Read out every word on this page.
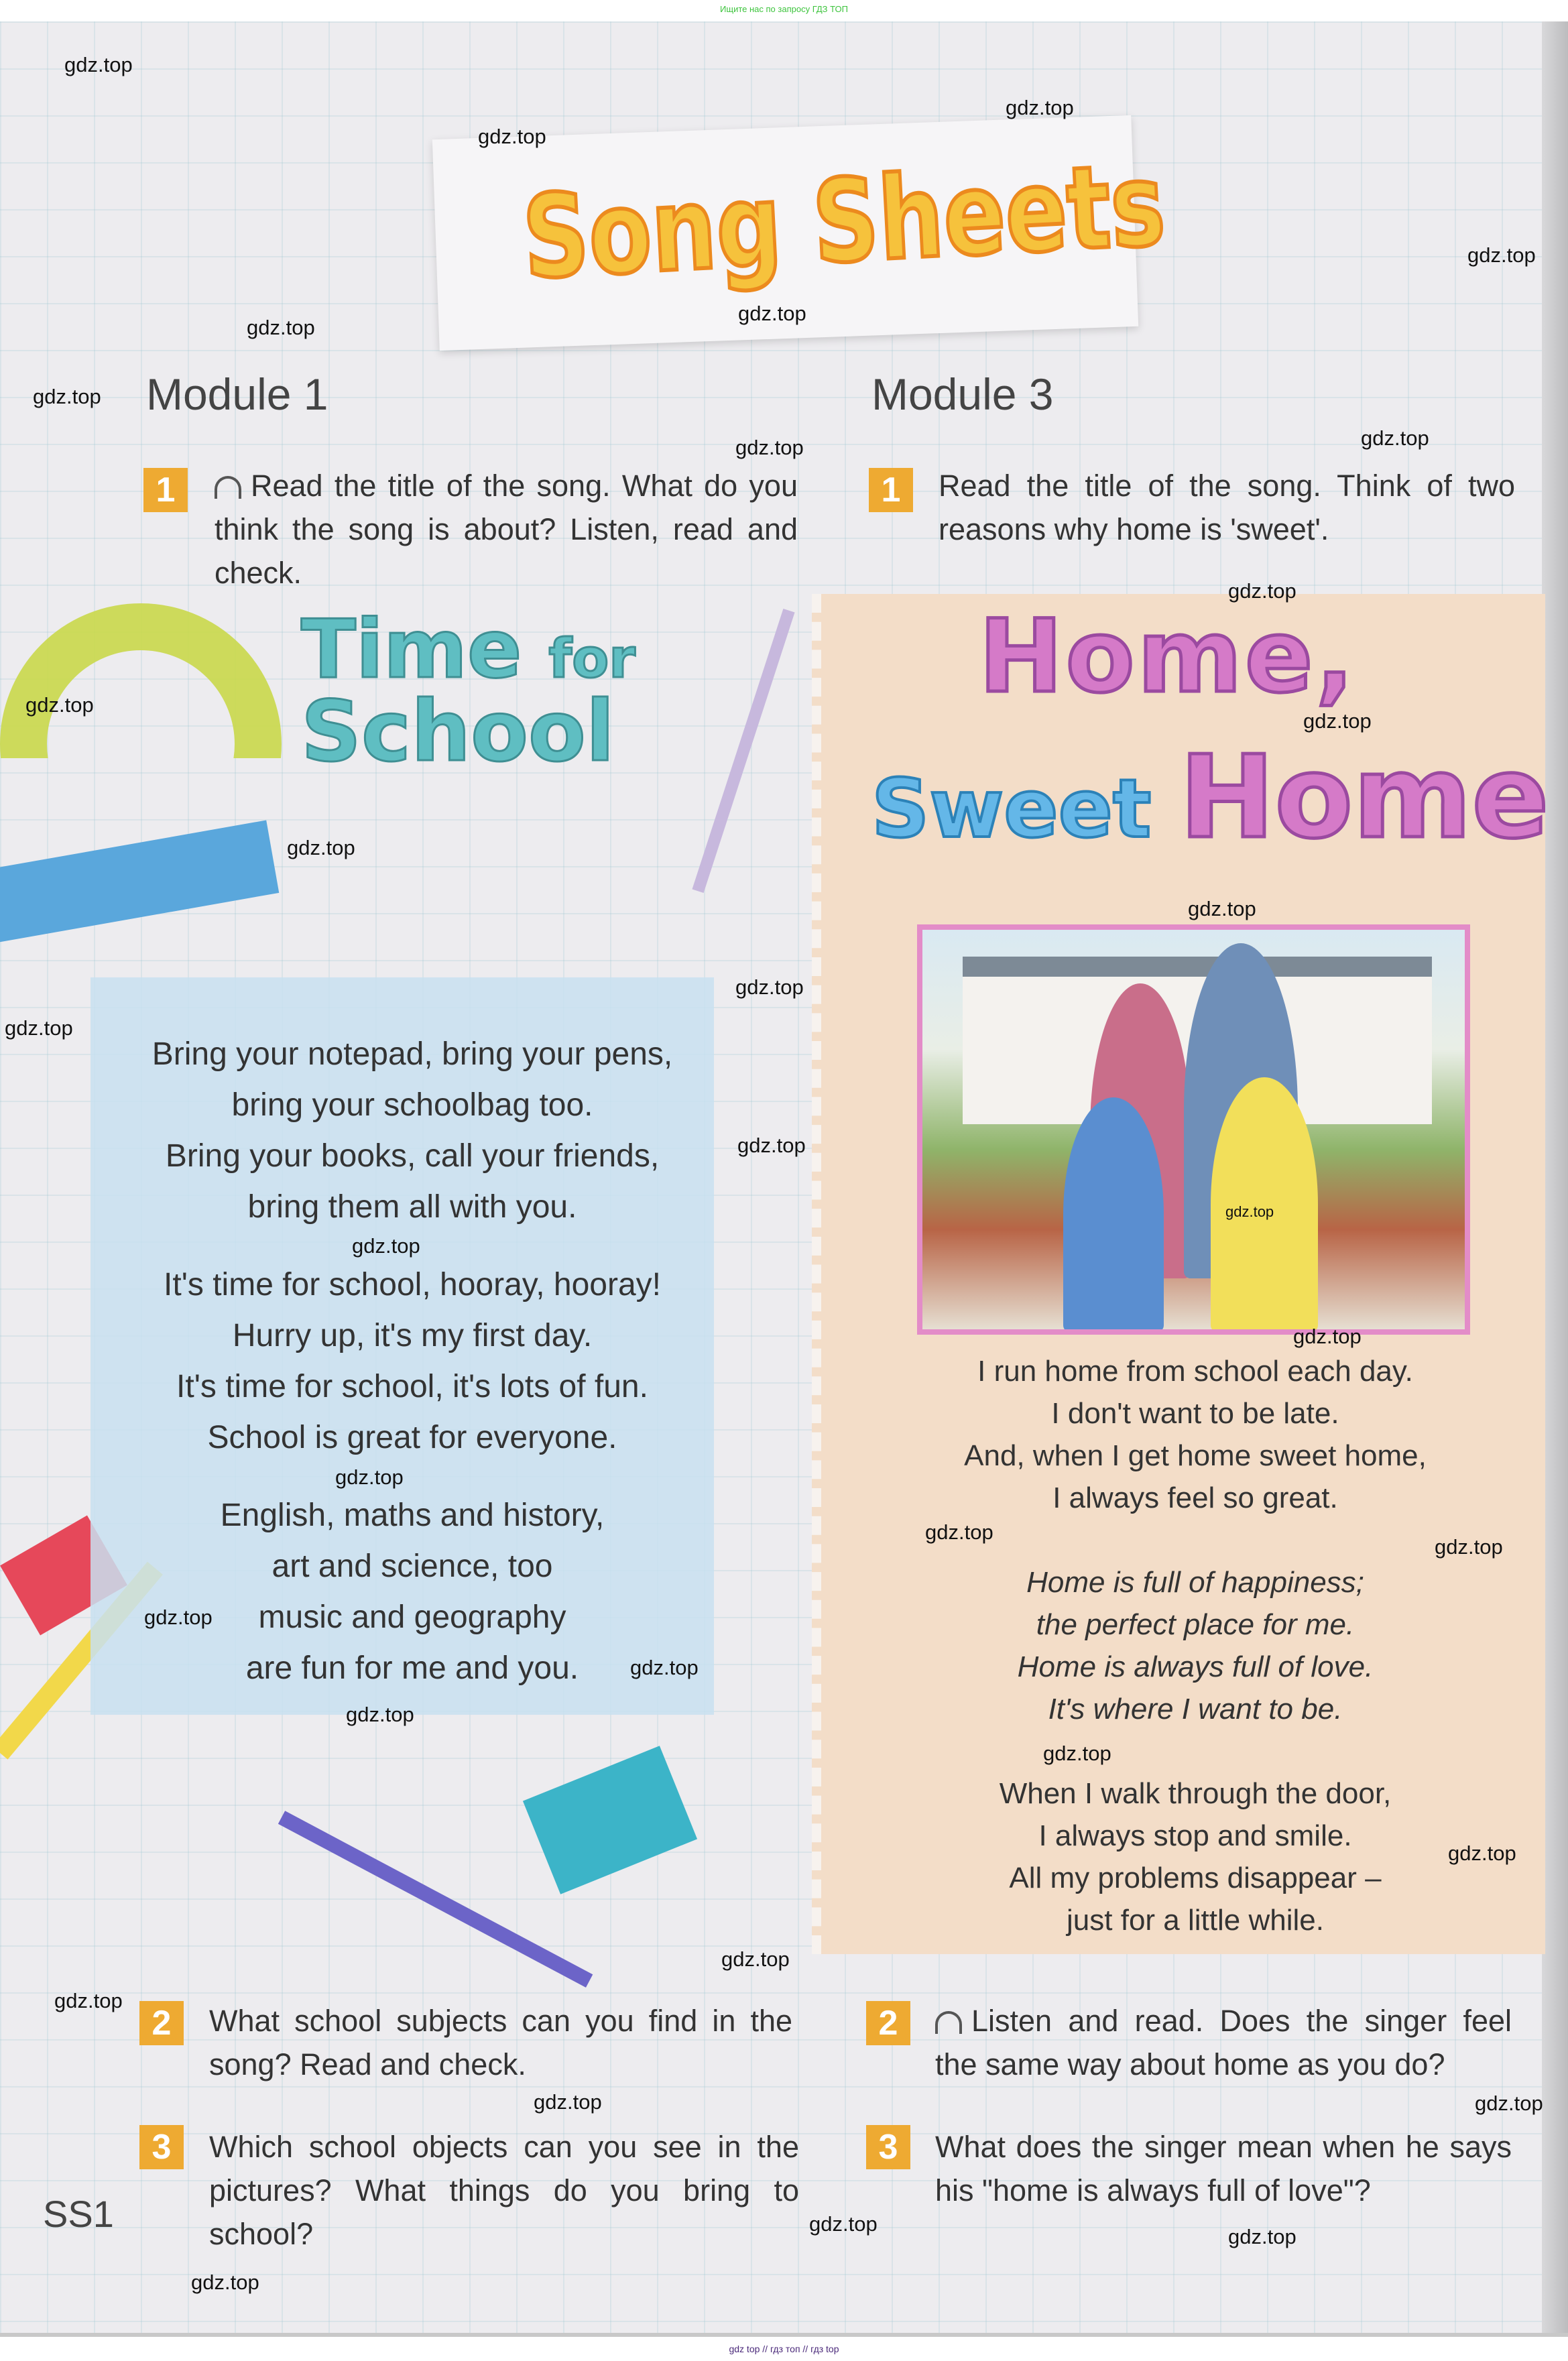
Ищите нас по запросу ГДЗ ТОП
Song Sheets
Module 1
1	Read the title of the song. What do you think the song is about? Listen, read and check.
Time for
School
Bring your notepad, bring your pens,
bring your schoolbag too.
Bring your books, call your friends,
bring them all with you.
It's time for school, hooray, hooray!
Hurry up, it's my first day.
It's time for school, it's lots of fun.
School is great for everyone.
English, maths and history,
art and science, too
music and geography
are fun for me and you.
2	What school subjects can you find in the song? Read and check.
3	Which school objects can you see in the pictures? What things do you bring to school?
SS1
Module 3
1	Read the title of the song. Think of two reasons why home is 'sweet'.
Home,
Sweet Home
I run home from school each day.
I don't want to be late.
And, when I get home sweet home,
I always feel so great.
Home is full of happiness;
the perfect place for me.
Home is always full of love.
It's where I want to be.
When I walk through the door,
I always stop and smile.
All my problems disappear –
just for a little while.
2	Listen and read. Does the singer feel the same way about home as you do?
3	What does the singer mean when he says his "home is always full of love"?
gdz.top
gdz.top
gdz.top
gdz.top
gdz.top
gdz.top
gdz.top
gdz.top
gdz.top
gdz.top
gdz.top
gdz.top
gdz.top
gdz.top
gdz.top
gdz.top
gdz.top
gdz.top
gdz.top
gdz.top
gdz.top
gdz.top
gdz.top
gdz.top
gdz.top
gdz.top
gdz.top
gdz.top
gdz.top
gdz.top
gdz.top
gdz.top
gdz.top
gdz.top
gdz.top
gdz top // гдз топ // гдз top
